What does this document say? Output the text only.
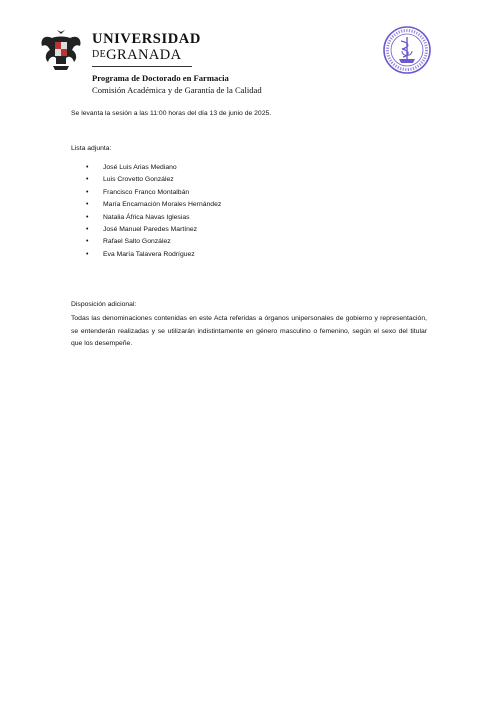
UNIVERSIDAD
DEGRANADA
Programa de Doctorado en Farmacia
Comisión Académica y de Garantía de la Calidad
Se levanta la sesión a las 11:00 horas del día 13 de junio de 2025.
Lista adjunta:
• José Luis Arias Mediano
• Luis Crovetto González
• Francisco Franco Montalbán
• María Encarnación Morales Hernández
• Natalia África Navas Iglesias
• José Manuel Paredes Martínez
• Rafael Salto González
• Eva María Talavera Rodríguez
Disposición adicional:

Todas las denominaciones contenidas en este Acta referidas a órganos unipersonales de gobierno y representación, se entenderán realizadas y se utilizarán indistintamente en género masculino o femenino, según el sexo del titular que los desempeñe.
